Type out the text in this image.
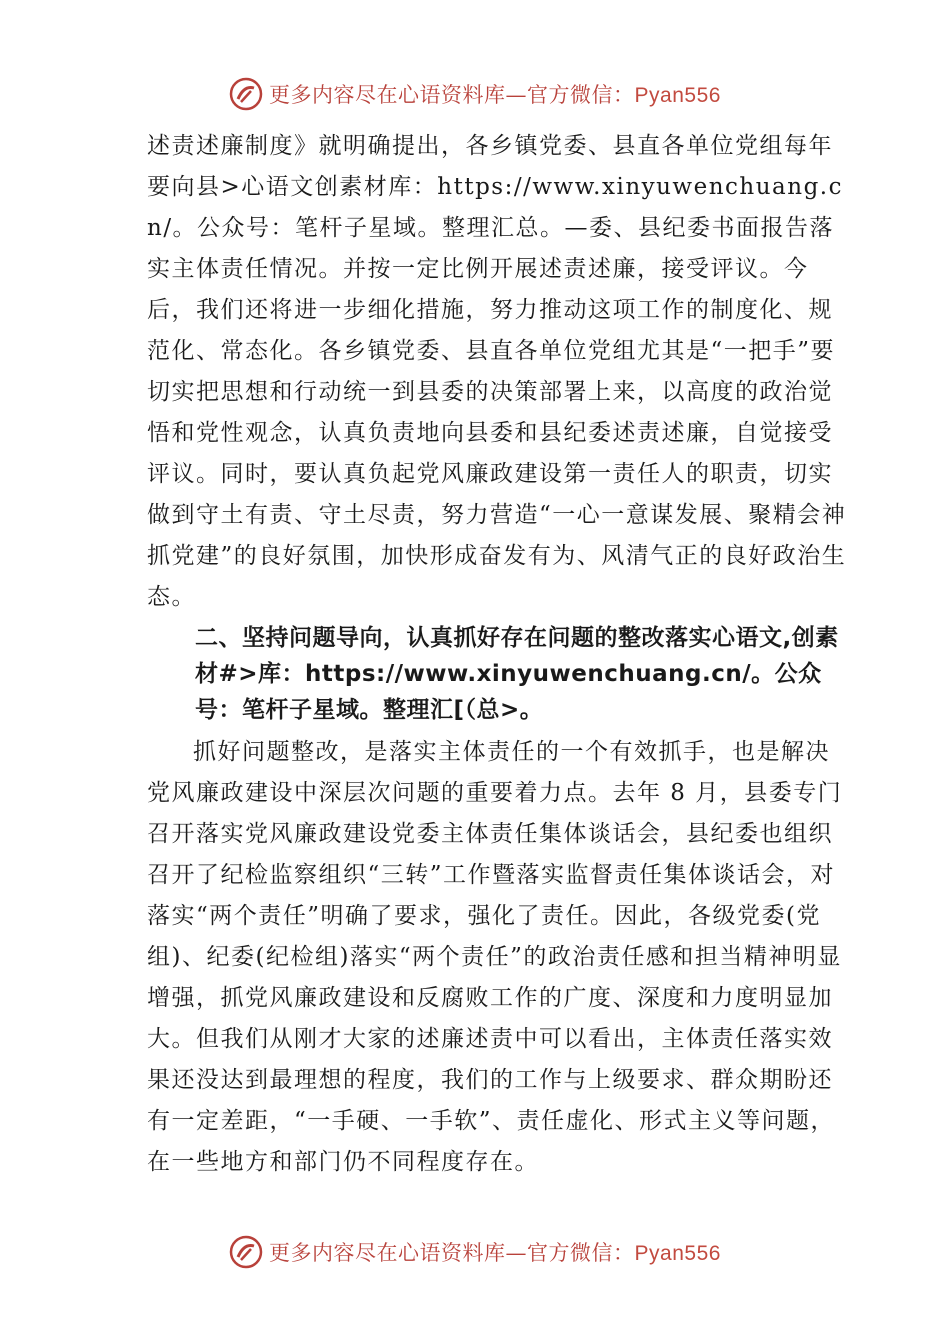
更多内容尽在心语资料库—官方微信：Pyan556

述责述廉制度》就明确提出，各乡镇党委、县直各单位党组每年要向县>心语文创素材库：https://www.xinyuwenchuang.cn/。公众号：笔杆子星域。整理汇总。—委、县纪委书面报告落实主体责任情况。并按一定比例开展述责述廉，接受评议。今后，我们还将进一步细化措施，努力推动这项工作的制度化、规范化、常态化。各乡镇党委、县直各单位党组尤其是“一把手”要切实把思想和行动统一到县委的决策部署上来，以高度的政治觉悟和党性观念，认真负责地向县委和县纪委述责述廉，自觉接受评议。同时，要认真负起党风廉政建设第一责任人的职责，切实做到守土有责、守土尽责，努力营造“一心一意谋发展、聚精会神抓党建”的良好氛围，加快形成奋发有为、风清气正的良好政治生态。

二、坚持问题导向，认真抓好存在问题的整改落实心语文,创素材#>库：https://www.xinyuwenchuang.cn/。公众号：笔杆子星域。整理汇[（总>。

抓好问题整改，是落实主体责任的一个有效抓手，也是解决党风廉政建设中深层次问题的重要着力点。去年 8 月，县委专门召开落实党风廉政建设党委主体责任集体谈话会，县纪委也组织召开了纪检监察组织“三转”工作暨落实监督责任集体谈话会，对落实“两个责任”明确了要求，强化了责任。因此，各级党委(党组)、纪委(纪检组)落实“两个责任”的政治责任感和担当精神明显增强，抓党风廉政建设和反腐败工作的广度、深度和力度明显加大。但我们从刚才大家的述廉述责中可以看出，主体责任落实效果还没达到最理想的程度，我们的工作与上级要求、群众期盼还有一定差距，“一手硬、一手软”、责任虚化、形式主义等问题，在一些地方和部门仍不同程度存在。

更多内容尽在心语资料库—官方微信：Pyan556
